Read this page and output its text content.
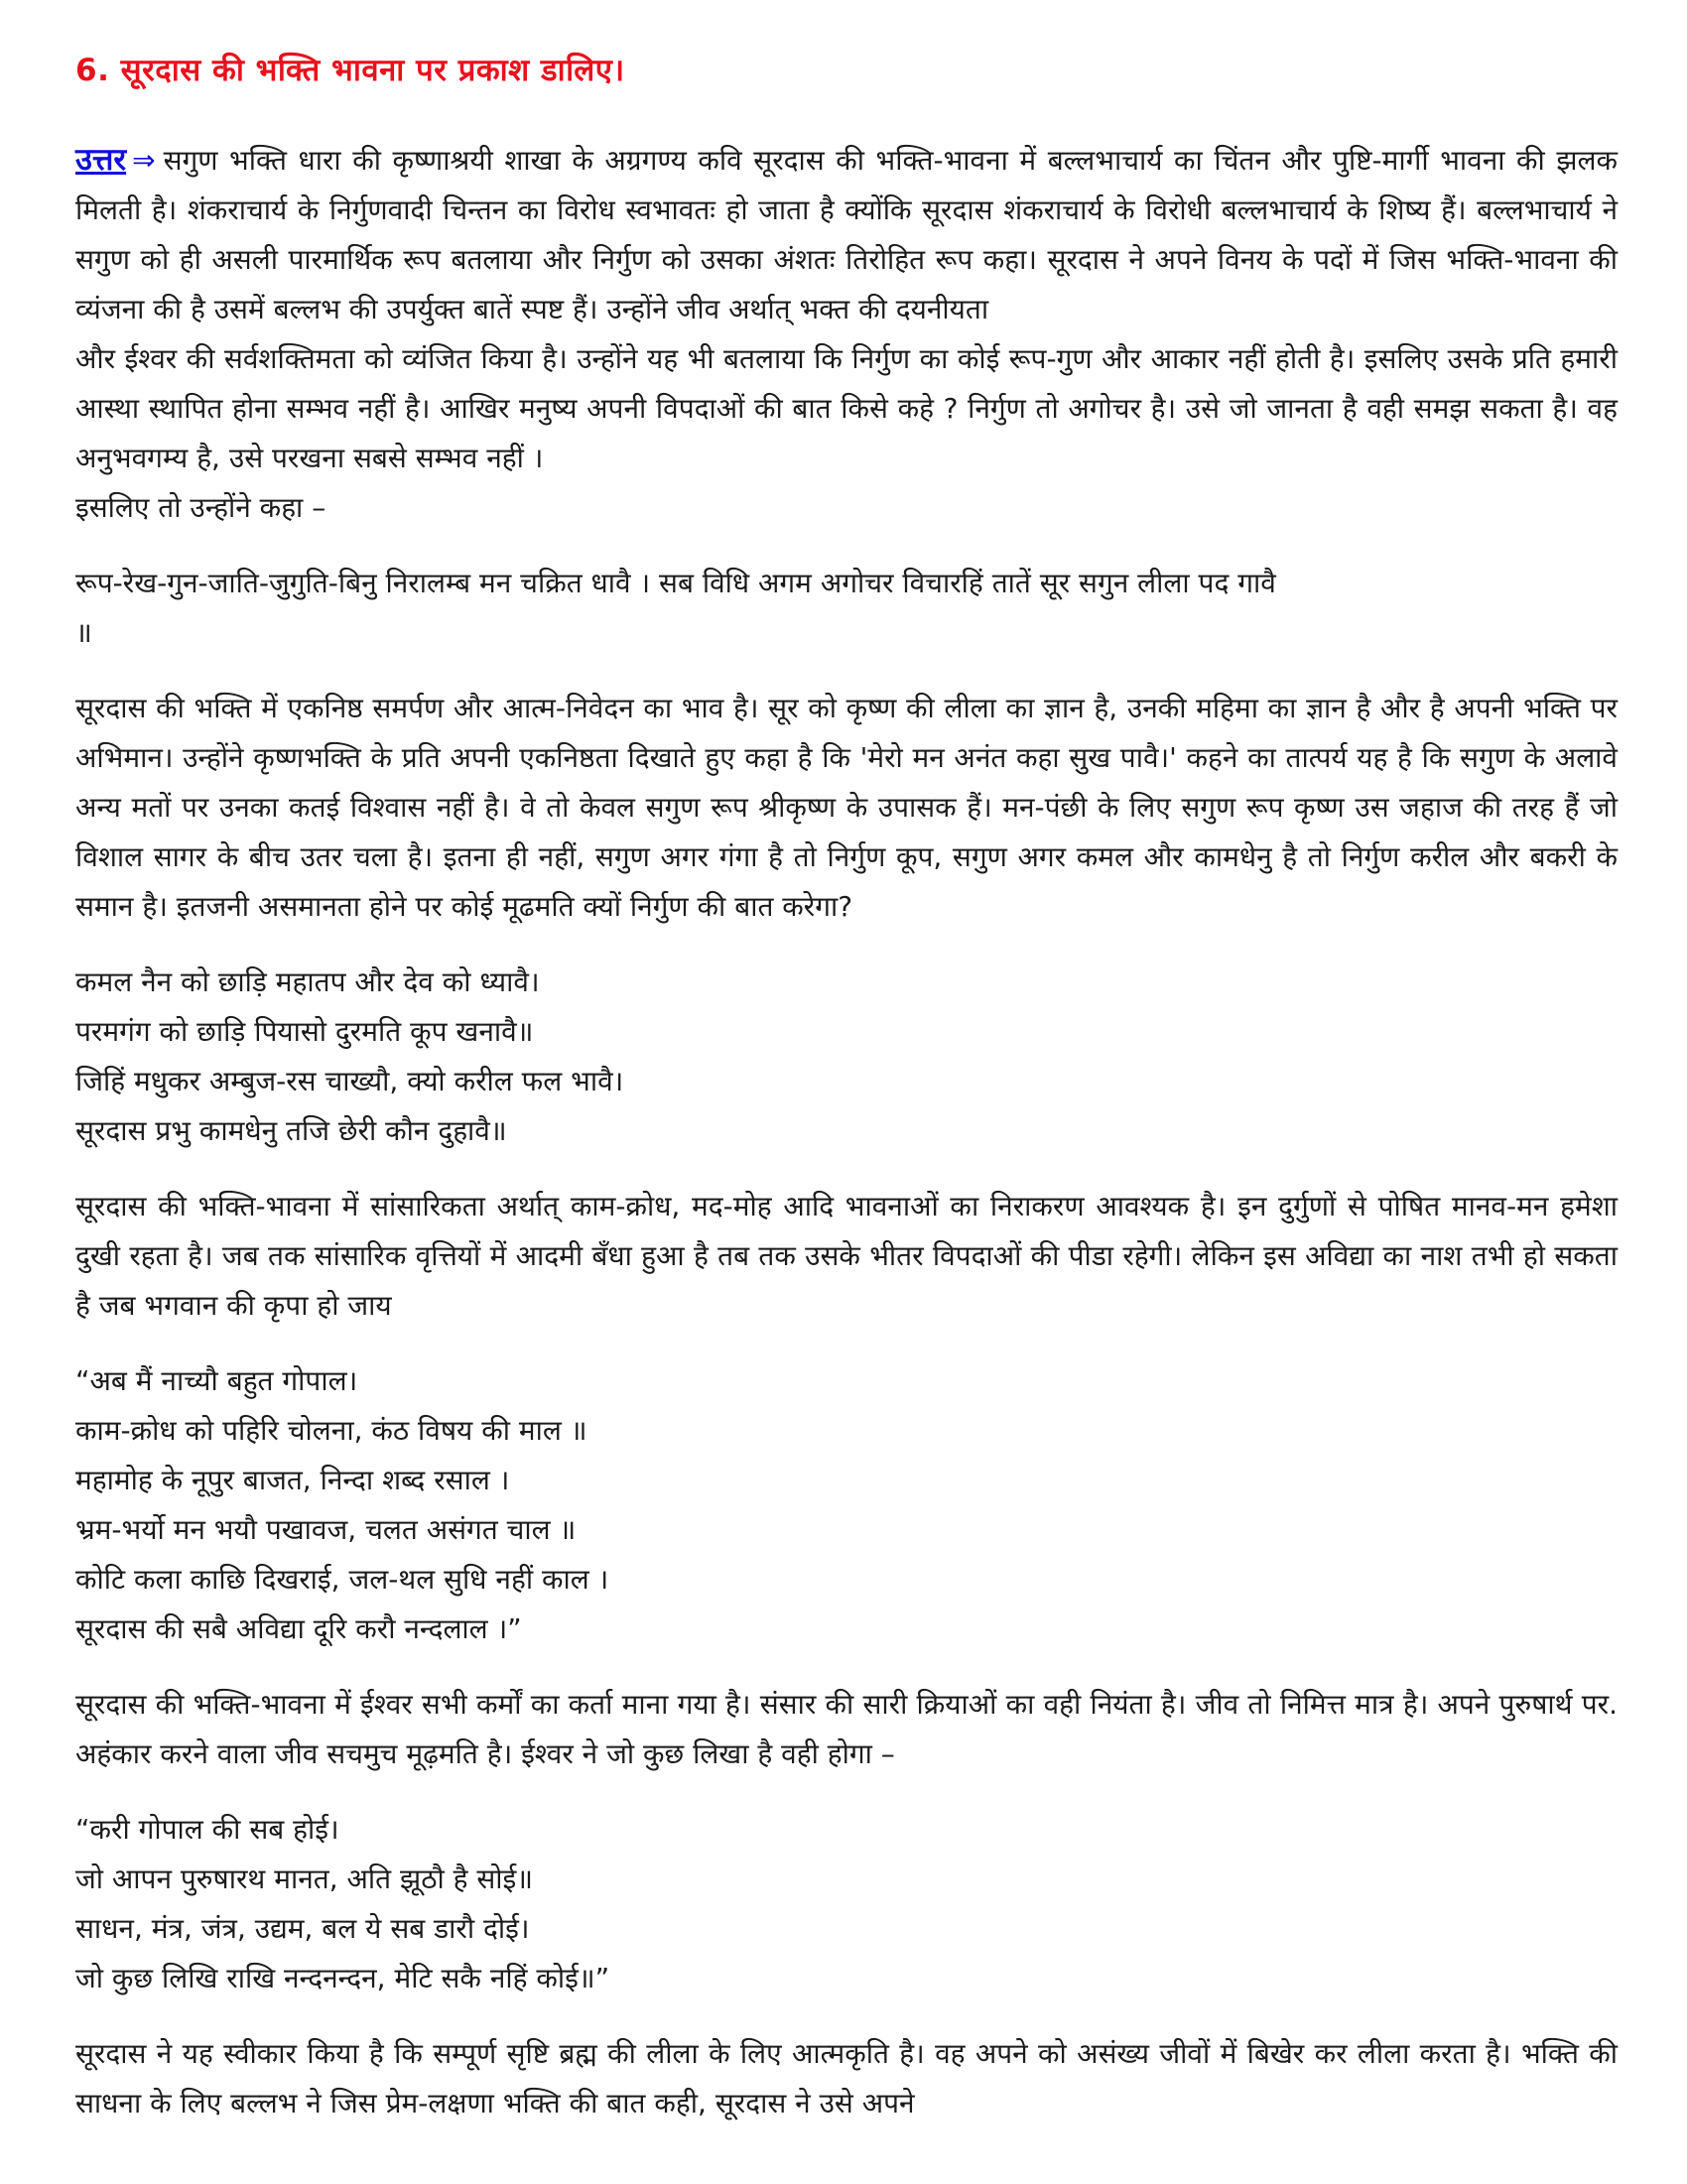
6. सूरदास की भक्ति भावना पर प्रकाश डालिए।

उत्तर ⇒ सगुण भक्ति धारा की कृष्णाश्रयी शाखा के अग्रगण्य कवि सूरदास की भक्ति-भावना में बल्लभाचार्य का चिंतन और पुष्टि-मार्गी भावना की झलक मिलती है। शंकराचार्य के निर्गुणवादी चिन्तन का विरोध स्वभावतः हो जाता है क्योंकि सूरदास शंकराचार्य के विरोधी बल्लभाचार्य के शिष्य हैं। बल्लभाचार्य ने सगुण को ही असली पारमार्थिक रूप बतलाया और निर्गुण को उसका अंशतः तिरोहित रूप कहा। सूरदास ने अपने विनय के पदों में जिस भक्ति-भावना की व्यंजना की है उसमें बल्लभ की उपर्युक्त बातें स्पष्ट हैं। उन्होंने जीव अर्थात् भक्त की दयनीयता
और ईश्वर की सर्वशक्तिमता को व्यंजित किया है। उन्होंने यह भी बतलाया कि निर्गुण का कोई रूप-गुण और आकार नहीं होती है। इसलिए उसके प्रति हमारी आस्था स्थापित होना सम्भव नहीं है। आखिर मनुष्य अपनी विपदाओं की बात किसे कहे ? निर्गुण तो अगोचर है। उसे जो जानता है वही समझ सकता है। वह अनुभवगम्य है, उसे परखना सबसे सम्भव नहीं ।
इसलिए तो उन्होंने कहा –

रूप-रेख-गुन-जाति-जुगुति-बिनु निरालम्ब मन चक्रित धावै । सब विधि अगम अगोचर विचारहिं तातें सूर सगुन लीला पद गावै
॥

सूरदास की भक्ति में एकनिष्ठ समर्पण और आत्म-निवेदन का भाव है। सूर को कृष्ण की लीला का ज्ञान है, उनकी महिमा का ज्ञान है और है अपनी भक्ति पर अभिमान। उन्होंने कृष्णभक्ति के प्रति अपनी एकनिष्ठता दिखाते हुए कहा है कि 'मेरो मन अनंत कहा सुख पावै।' कहने का तात्पर्य यह है कि सगुण के अलावे अन्य मतों पर उनका कतई विश्वास नहीं है। वे तो केवल सगुण रूप श्रीकृष्ण के उपासक हैं। मन-पंछी के लिए सगुण रूप कृष्ण उस जहाज की तरह हैं जो विशाल सागर के बीच उतर चला है। इतना ही नहीं, सगुण अगर गंगा है तो निर्गुण कूप, सगुण अगर कमल और कामधेनु है तो निर्गुण करील और बकरी के समान है। इतजनी असमानता होने पर कोई मूढमति क्यों निर्गुण की बात करेगा?

कमल नैन को छाड़ि महातप और देव को ध्यावै।
परमगंग को छाड़ि पियासो दुरमति कूप खनावै॥
जिहिं मधुकर अम्बुज-रस चाख्यौ, क्यो करील फल भावै।
सूरदास प्रभु कामधेनु तजि छेरी कौन दुहावै॥

सूरदास की भक्ति-भावना में सांसारिकता अर्थात् काम-क्रोध, मद-मोह आदि भावनाओं का निराकरण आवश्यक है। इन दुर्गुणों से पोषित मानव-मन हमेशा दुखी रहता है। जब तक सांसारिक वृत्तियों में आदमी बँधा हुआ है तब तक उसके भीतर विपदाओं की पीडा रहेगी। लेकिन इस अविद्या का नाश तभी हो सकता है जब भगवान की कृपा हो जाय

“अब मैं नाच्यौ बहुत गोपाल।
काम-क्रोध को पहिरि चोलना, कंठ विषय की माल ॥
महामोह के नूपुर बाजत, निन्दा शब्द रसाल ।
भ्रम-भर्यो मन भयौ पखावज, चलत असंगत चाल ॥
कोटि कला काछि दिखराई, जल-थल सुधि नहीं काल ।
सूरदास की सबै अविद्या दूरि करौ नन्दलाल ।”

सूरदास की भक्ति-भावना में ईश्वर सभी कर्मों का कर्ता माना गया है। संसार की सारी क्रियाओं का वही नियंता है। जीव तो निमित्त मात्र है। अपने पुरुषार्थ पर. अहंकार करने वाला जीव सचमुच मूढ़मति है। ईश्वर ने जो कुछ लिखा है वही होगा –

“करी गोपाल की सब होई।
जो आपन पुरुषारथ मानत, अति झूठौ है सोई॥
साधन, मंत्र, जंत्र, उद्यम, बल ये सब डारौ दोई।
जो कुछ लिखि राखि नन्दनन्दन, मेटि सकै नहिं कोई॥”

सूरदास ने यह स्वीकार किया है कि सम्पूर्ण सृष्टि ब्रह्म की लीला के लिए आत्मकृति है। वह अपने को असंख्य जीवों में बिखेर कर लीला करता है। भक्ति की साधना के लिए बल्लभ ने जिस प्रेम-लक्षणा भक्ति की बात कही, सूरदास ने उसे अपने
